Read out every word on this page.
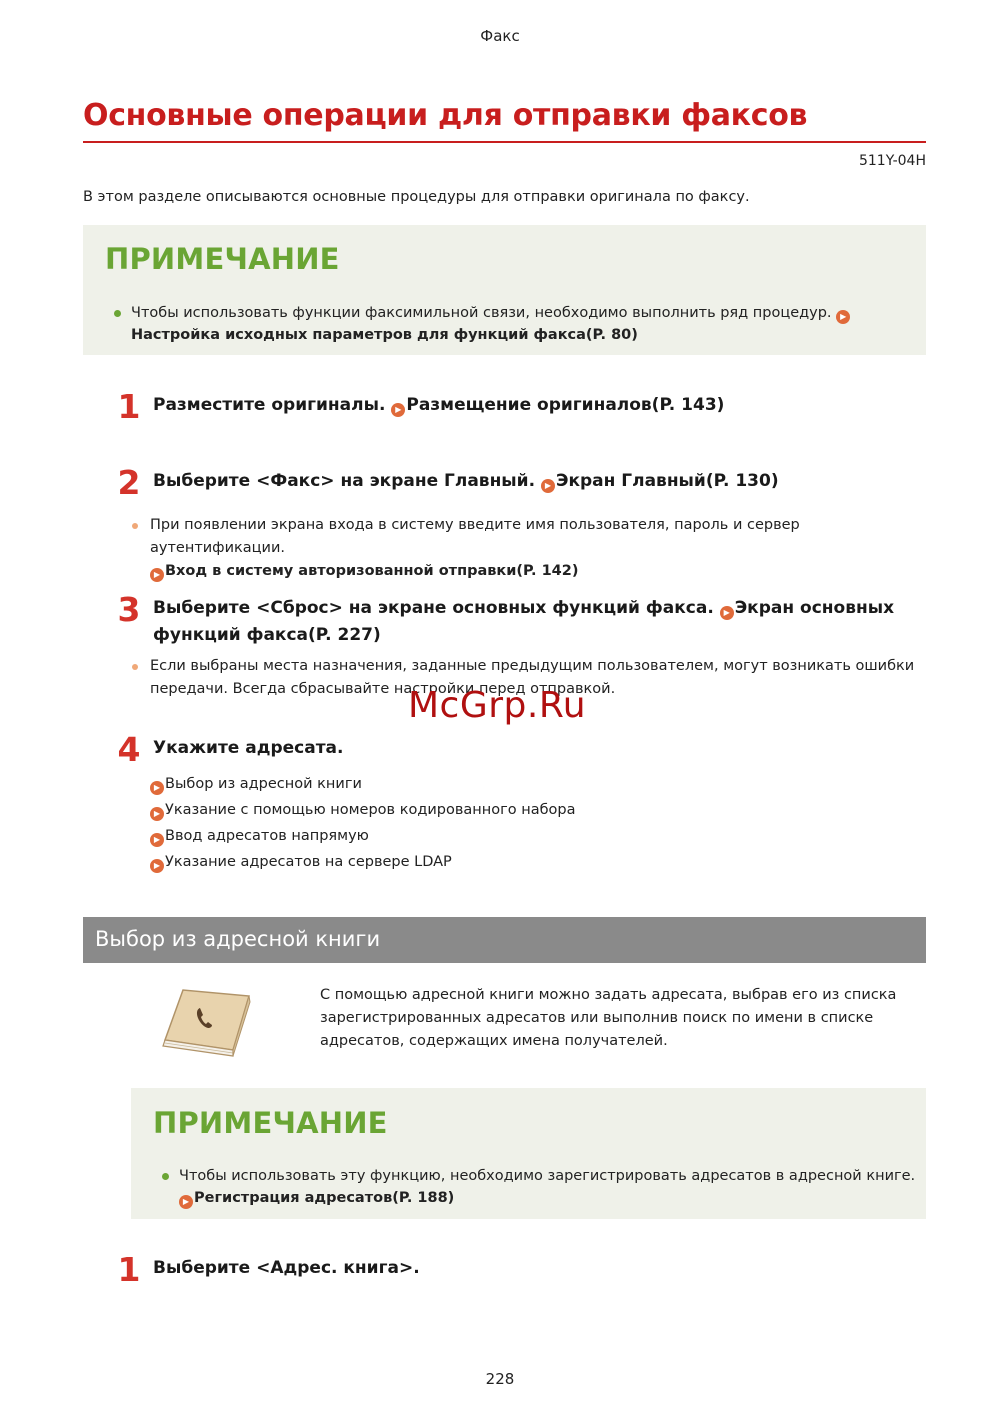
Факс
Основные операции для отправки факсов
511Y-04H
В этом разделе описываются основные процедуры для отправки оригинала по факсу.
ПРИМЕЧАНИЕ
Чтобы использовать функции факсимильной связи, необходимо выполнить ряд процедур. ▶
Настройка исходных параметров для функций факса(P. 80)
1 Разместите оригиналы. ▶ Размещение оригиналов(P. 143)
2 Выберите <Факс> на экране Главный. ▶ Экран Главный(P. 130)
При появлении экрана входа в систему введите имя пользователя, пароль и сервер аутентификации.
▶ Вход в систему авторизованной отправки(P. 142)
3 Выберите <Сброс> на экране основных функций факса. ▶ Экран основных
функций факса(P. 227)
Если выбраны места назначения, заданные предыдущим пользователем, могут возникать ошибки
передачи. Всегда сбрасывайте настройки перед отправкой.
McGrp.Ru
4 Укажите адресата.
▶ Выбор из адресной книги
▶ Указание с помощью номеров кодированного набора
▶ Ввод адресатов напрямую
▶ Указание адресатов на сервере LDAP
Выбор из адресной книги
С помощью адресной книги можно задать адресата, выбрав его из списка
зарегистрированных адресатов или выполнив поиск по имени в списке
адресатов, содержащих имена получателей.
ПРИМЕЧАНИЕ
Чтобы использовать эту функцию, необходимо зарегистрировать адресатов в адресной книге.
▶ Регистрация адресатов(P. 188)
1 Выберите <Адрес. книга>.
228
